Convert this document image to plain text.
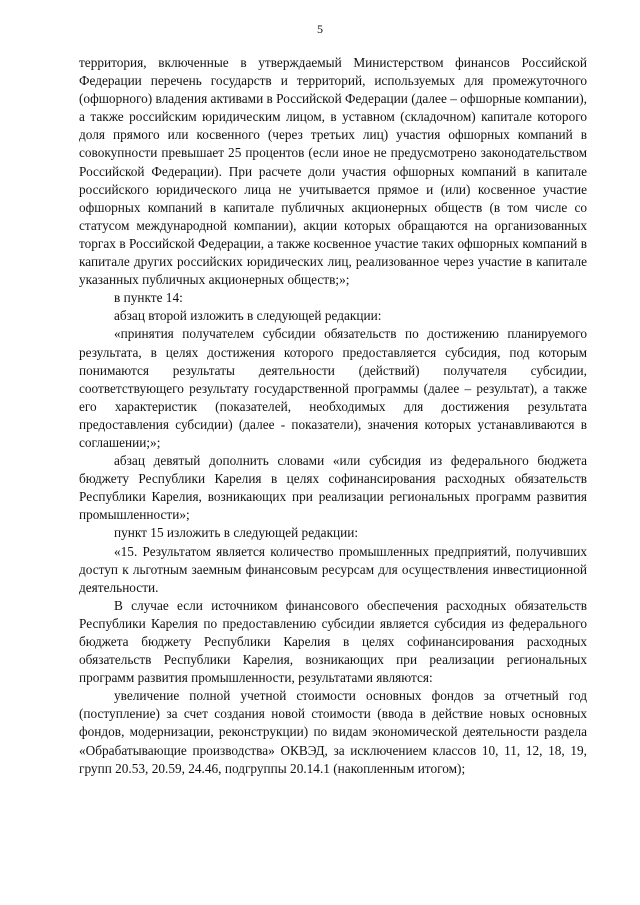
5

территория, включенные в утверждаемый Министерством финансов Российской Федерации перечень государств и территорий, используемых для промежуточного (офшорного) владения активами в Российской Федерации (далее – офшорные компании), а также российским юридическим лицом, в уставном (складочном) капитале которого доля прямого или косвенного (через третьих лиц) участия офшорных компаний в совокупности превышает 25 процентов (если иное не предусмотрено законодательством Российской Федерации). При расчете доли участия офшорных компаний в капитале российского юридического лица не учитывается прямое и (или) косвенное участие офшорных компаний в капитале публичных акционерных обществ (в том числе со статусом международной компании), акции которых обращаются на организованных торгах в Российской Федерации, а также косвенное участие таких офшорных компаний в капитале других российских юридических лиц, реализованное через участие в капитале указанных публичных акционерных обществ;»;

в пункте 14:

абзац второй изложить в следующей редакции:

«принятия получателем субсидии обязательств по достижению планируемого результата, в целях достижения которого предоставляется субсидия, под которым понимаются результаты деятельности (действий) получателя субсидии, соответствующего результату государственной программы (далее – результат), а также его характеристик (показателей, необходимых для достижения результата предоставления субсидии) (далее - показатели), значения которых устанавливаются в соглашении;»;

абзац девятый дополнить словами «или субсидия из федерального бюджета бюджету Республики Карелия в целях софинансирования расходных обязательств Республики Карелия, возникающих при реализации региональных программ развития промышленности»;

пункт 15 изложить в следующей редакции:

«15. Результатом является количество промышленных предприятий, получивших доступ к льготным заемным финансовым ресурсам для осуществления инвестиционной деятельности.

В случае если источником финансового обеспечения расходных обязательств Республики Карелия по предоставлению субсидии является субсидия из федерального бюджета бюджету Республики Карелия в целях софинансирования расходных обязательств Республики Карелия, возникающих при реализации региональных программ развития промышленности, результатами являются:

увеличение полной учетной стоимости основных фондов за отчетный год (поступление) за счет создания новой стоимости (ввода в действие новых основных фондов, модернизации, реконструкции) по видам экономической деятельности раздела «Обрабатывающие производства» ОКВЭД, за исключением классов 10, 11, 12, 18, 19, групп 20.53, 20.59, 24.46, подгруппы 20.14.1 (накопленным итогом);
